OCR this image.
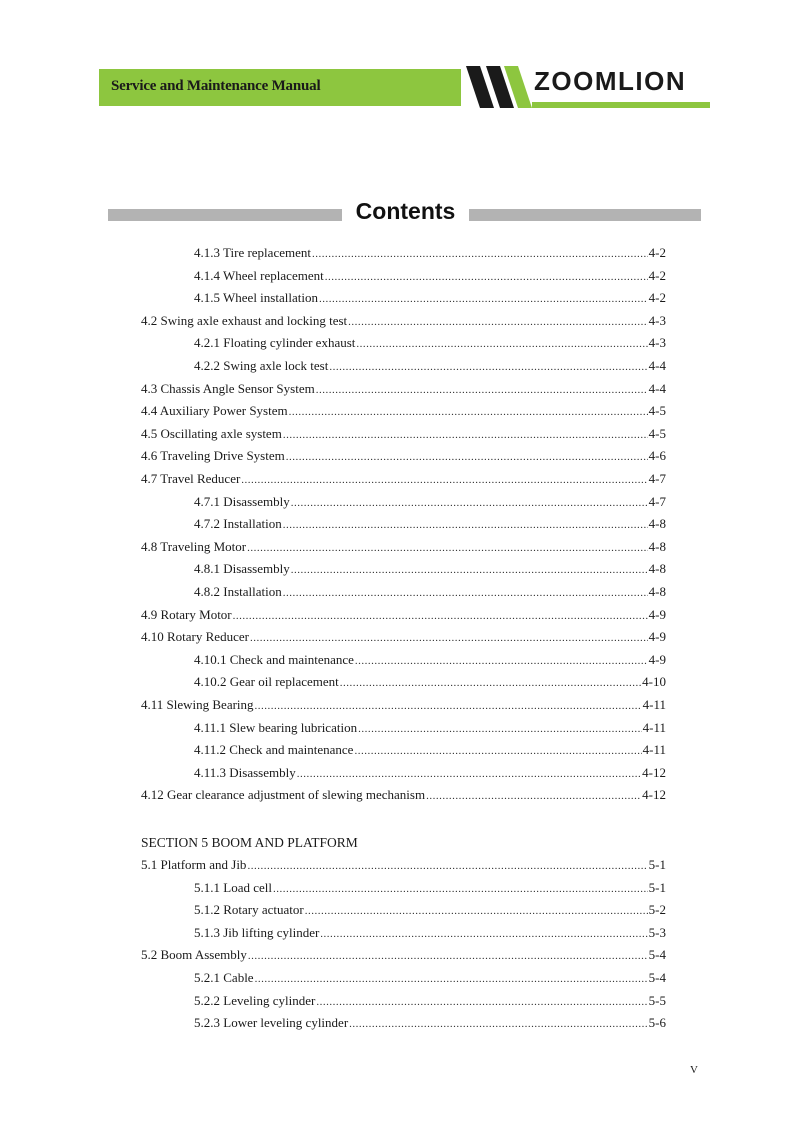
Service and Maintenance Manual	ZOOMLION
Contents
4.1.3 Tire replacement .....	4-2
4.1.4 Wheel replacement .....	4-2
4.1.5 Wheel installation .....	4-2
4.2 Swing axle exhaust and locking test .....	4-3
4.2.1 Floating cylinder exhaust .....	4-3
4.2.2 Swing axle lock test .....	4-4
4.3 Chassis Angle Sensor System .....	4-4
4.4 Auxiliary Power System .....	4-5
4.5 Oscillating axle system .....	4-5
4.6 Traveling Drive System .....	4-6
4.7 Travel Reducer .....	4-7
4.7.1 Disassembly .....	4-7
4.7.2 Installation .....	4-8
4.8 Traveling Motor .....	4-8
4.8.1 Disassembly .....	4-8
4.8.2 Installation .....	4-8
4.9 Rotary Motor .....	4-9
4.10 Rotary Reducer .....	4-9
4.10.1 Check and maintenance .....	4-9
4.10.2 Gear oil replacement .....	4-10
4.11 Slewing Bearing .....	4-11
4.11.1 Slew bearing lubrication .....	4-11
4.11.2 Check and maintenance .....	4-11
4.11.3 Disassembly .....	4-12
4.12 Gear clearance adjustment of slewing mechanism .....	4-12
SECTION 5 BOOM AND PLATFORM
5.1 Platform and Jib .....	5-1
5.1.1 Load cell .....	5-1
5.1.2 Rotary actuator .....	5-2
5.1.3 Jib lifting cylinder .....	5-3
5.2 Boom Assembly .....	5-4
5.2.1 Cable .....	5-4
5.2.2 Leveling cylinder .....	5-5
5.2.3 Lower leveling cylinder .....	5-6
V
